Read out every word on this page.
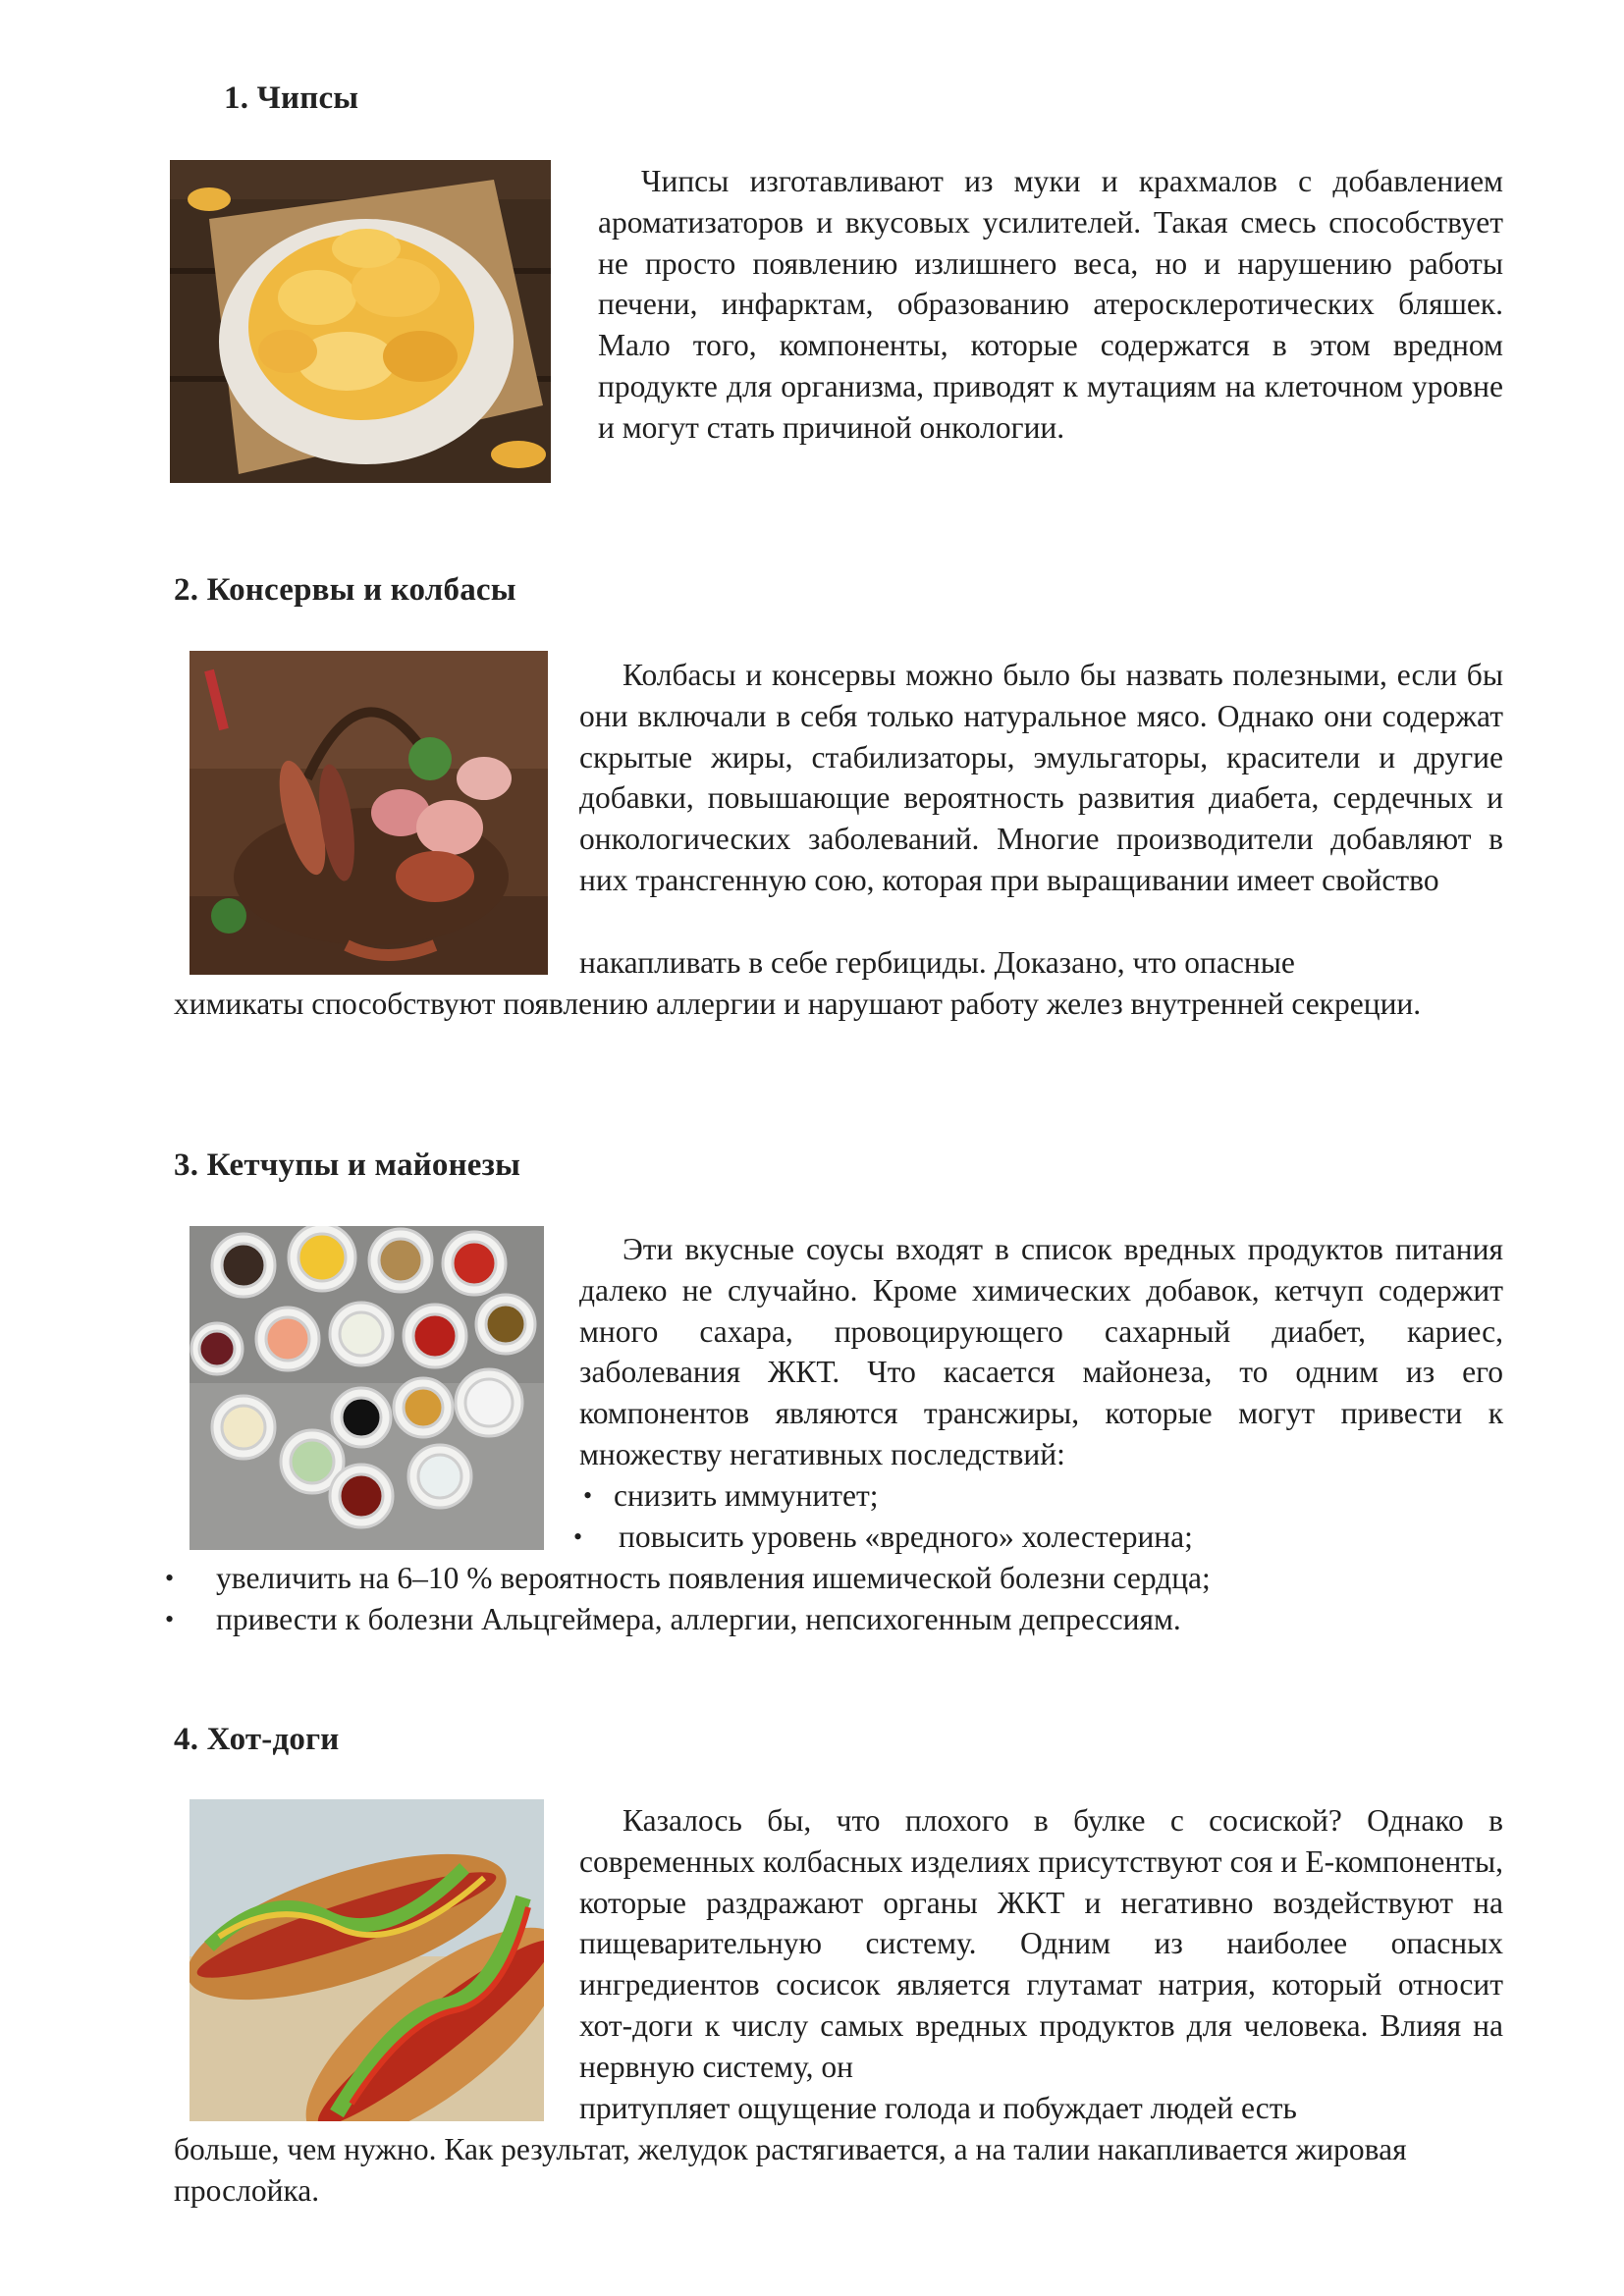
1. Чипсы

Чипсы изготавливают из муки и крахмалов с добавлением ароматизаторов и вкусовых усилителей. Такая смесь способствует не просто появлению излишнего веса, но и нарушению работы печени, инфарктам, образованию атеросклеротических бляшек. Мало того, компоненты, которые содержатся в этом вредном продукте для организма, приводят к мутациям на клеточном уровне и могут стать причиной онкологии.

2. Консервы и колбасы

Колбасы и консервы можно было бы назвать полезными, если бы они включали в себя только натуральное мясо. Однако они содержат скрытые жиры, стабилизаторы, эмульгаторы, красители и другие добавки, повышающие вероятность развития диабета, сердечных и онкологических заболеваний. Многие производители добавляют в них трансгенную сою, которая при выращивании имеет свойство

накапливать в себе гербициды. Доказано, что опасные

химикаты способствуют появлению аллергии и нарушают работу желез внутренней секреции.

3. Кетчупы и майонезы

Эти вкусные соусы входят в список вредных продуктов питания далеко не случайно. Кроме химических добавок, кетчуп содержит много сахара, провоцирующего сахарный диабет, кариес, заболевания ЖКТ. Что касается майонеза, то одним из его компонентов являются трансжиры, которые могут привести к множеству негативных последствий:

• снизить иммунитет;

• повысить уровень «вредного» холестерина;

• увеличить на 6–10 % вероятность появления ишемической болезни сердца;

• привести к болезни Альцгеймера, аллергии, непсихогенным депрессиям.

4. Хот-доги

Казалось бы, что плохого в булке с сосиской? Однако в современных колбасных изделиях присутствуют соя и Е-компоненты, которые раздражают органы ЖКТ и негативно воздействуют на пищеварительную систему. Одним из наиболее опасных ингредиентов сосисок является глутамат натрия, который относит хот-доги к числу самых вредных продуктов для человека. Влияя на нервную систему, он

притупляет ощущение голода и побуждает людей есть

больше, чем нужно. Как результат, желудок растягивается, а на талии накапливается жировая прослойка.
